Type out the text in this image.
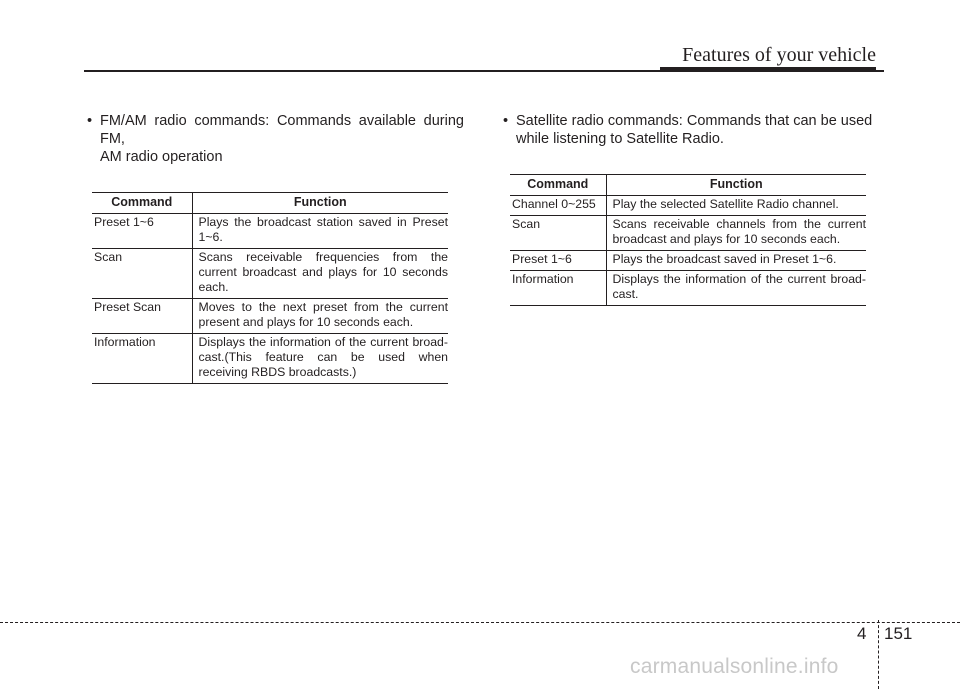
Features of your vehicle

• FM/AM radio commands: Commands available during FM,
AM radio operation

Command	Function
Preset 1~6	Plays the broadcast station saved in Preset 1~6.
Scan	Scans receivable frequencies from the current broadcast and plays for 10 seconds each.
Preset Scan	Moves to the next preset from the current present and plays for 10 seconds each.
Information	Displays the information of the current broad-cast.(This feature can be used when receiving RBDS broadcasts.)

• Satellite radio commands: Commands that can be used
while listening to Satellite Radio.

Command	Function
Channel 0~255	Play the selected Satellite Radio channel.
Scan	Scans receivable channels from the current broadcast and plays for 10 seconds each.
Preset 1~6	Plays the broadcast saved in Preset 1~6.
Information	Displays the information of the current broad-cast.
4 151
carmanualsonline.info
